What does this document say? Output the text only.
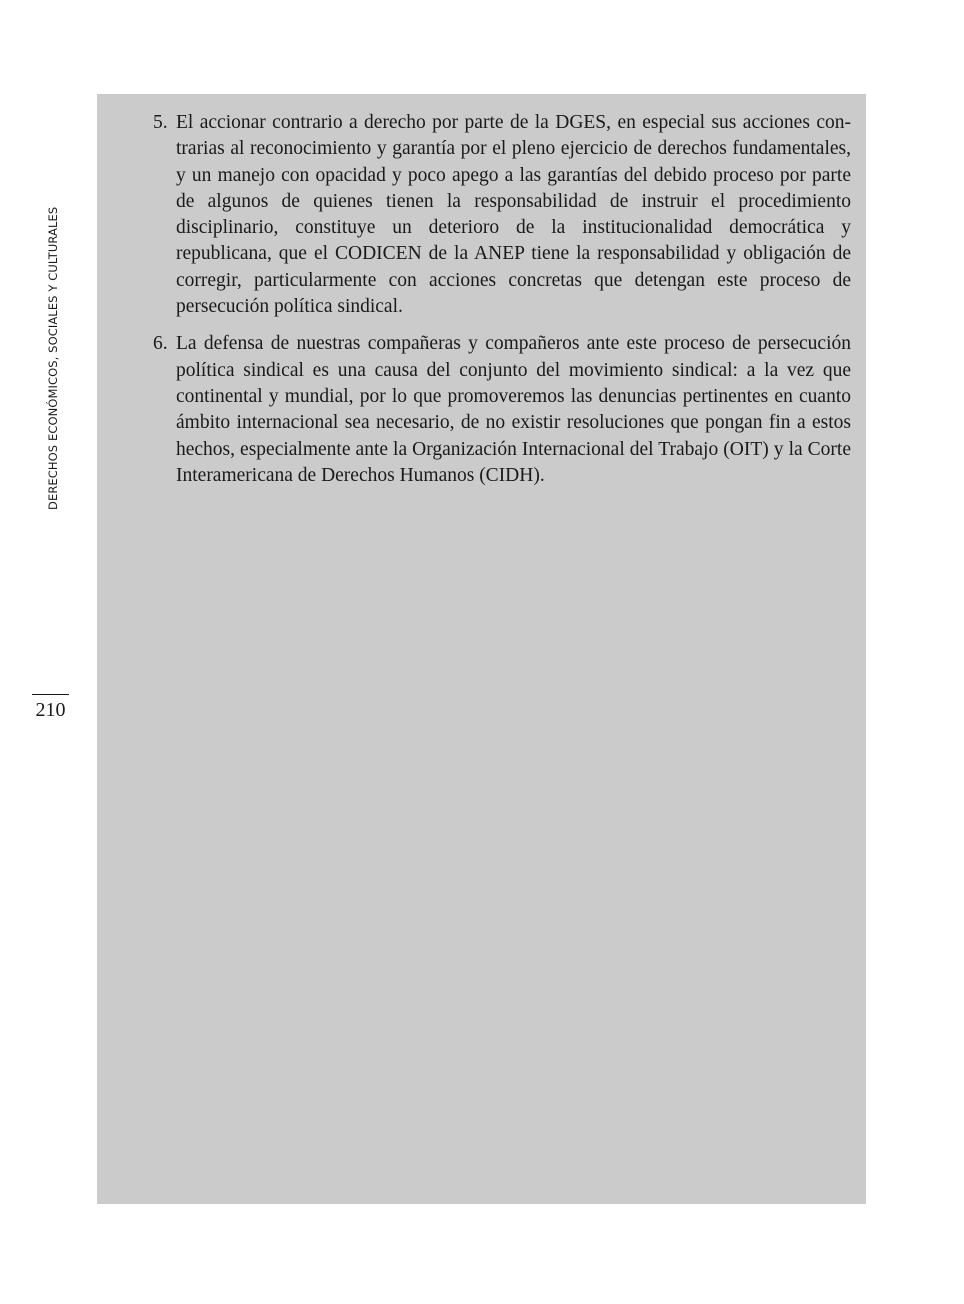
DERECHOS ECONÓMICOS, SOCIALES Y CULTURALES
210
5. El accionar contrario a derecho por parte de la DGES, en especial sus acciones contrarias al reconocimiento y garantía por el pleno ejercicio de derechos fundamentales, y un manejo con opacidad y poco apego a las garantías del debido proceso por parte de algunos de quienes tienen la responsabilidad de instruir el procedimiento disciplinario, constituye un deterioro de la institucionalidad democrática y republicana, que el CODICEN de la ANEP tiene la responsabilidad y obligación de corregir, particularmente con acciones concretas que detengan este proceso de persecución política sindical.
6. La defensa de nuestras compañeras y compañeros ante este proceso de persecución política sindical es una causa del conjunto del movimiento sindical: a la vez que continental y mundial, por lo que promoveremos las denuncias pertinentes en cuanto ámbito internacional sea necesario, de no existir resoluciones que pongan fin a estos hechos, especialmente ante la Organización Internacional del Trabajo (OIT) y la Corte Interamericana de Derechos Humanos (CIDH).
